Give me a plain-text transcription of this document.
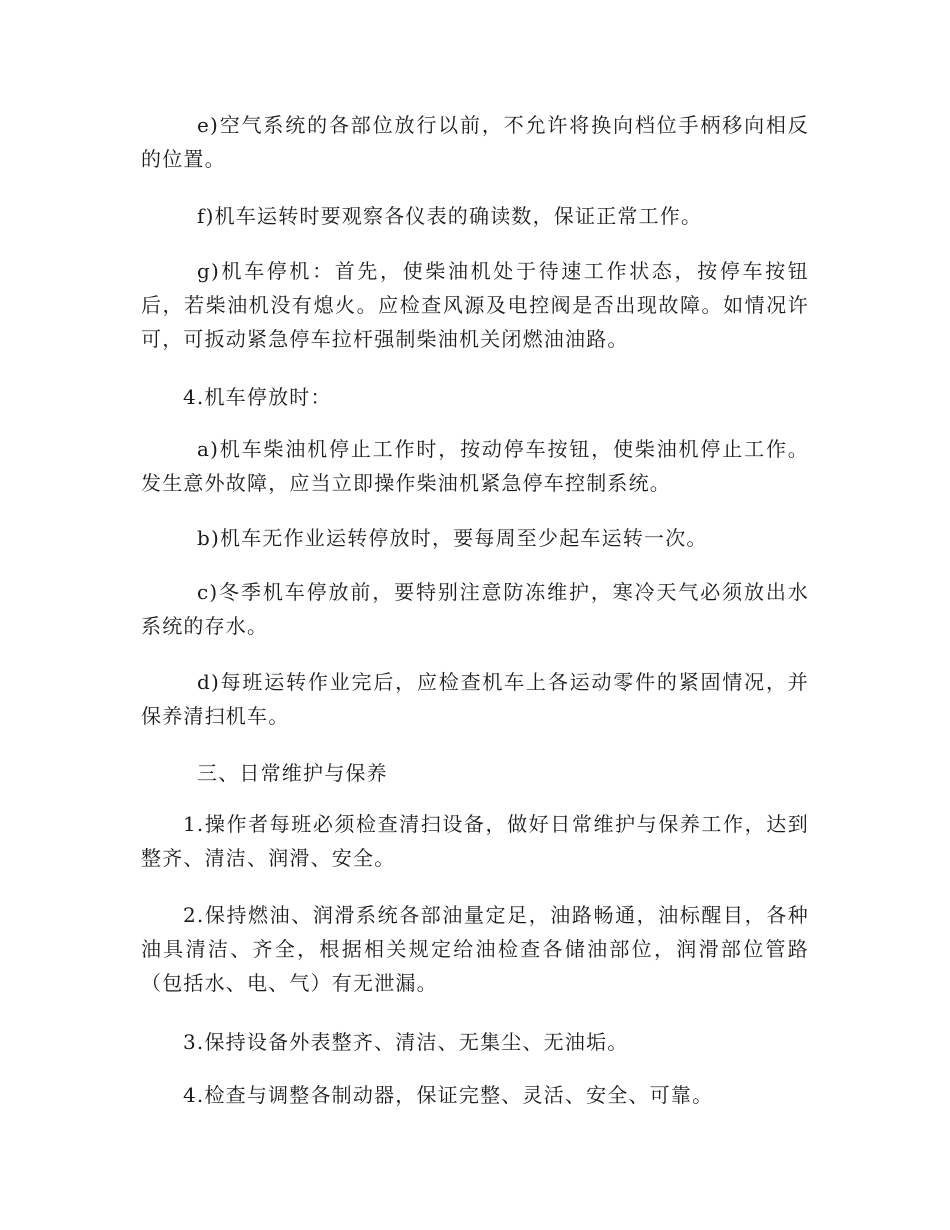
e)空气系统的各部位放行以前，不允许将换向档位手柄移向相反的位置。

f)机车运转时要观察各仪表的确读数，保证正常工作。

g)机车停机：首先，使柴油机处于待速工作状态，按停车按钮后，若柴油机没有熄火。应检查风源及电控阀是否出现故障。如情况许可，可扳动紧急停车拉杆强制柴油机关闭燃油油路。

4.机车停放时：

a)机车柴油机停止工作时，按动停车按钮，使柴油机停止工作。发生意外故障，应当立即操作柴油机紧急停车控制系统。

b)机车无作业运转停放时，要每周至少起车运转一次。

c)冬季机车停放前，要特别注意防冻维护，寒冷天气必须放出水系统的存水。

d)每班运转作业完后，应检查机车上各运动零件的紧固情况，并保养清扫机车。

三、日常维护与保养

1.操作者每班必须检查清扫设备，做好日常维护与保养工作，达到整齐、清洁、润滑、安全。

2.保持燃油、润滑系统各部油量定足，油路畅通，油标醒目，各种油具清洁、齐全，根据相关规定给油检查各储油部位，润滑部位管路（包括水、电、气）有无泄漏。

3.保持设备外表整齐、清洁、无集尘、无油垢。

4.检查与调整各制动器，保证完整、灵活、安全、可靠。
